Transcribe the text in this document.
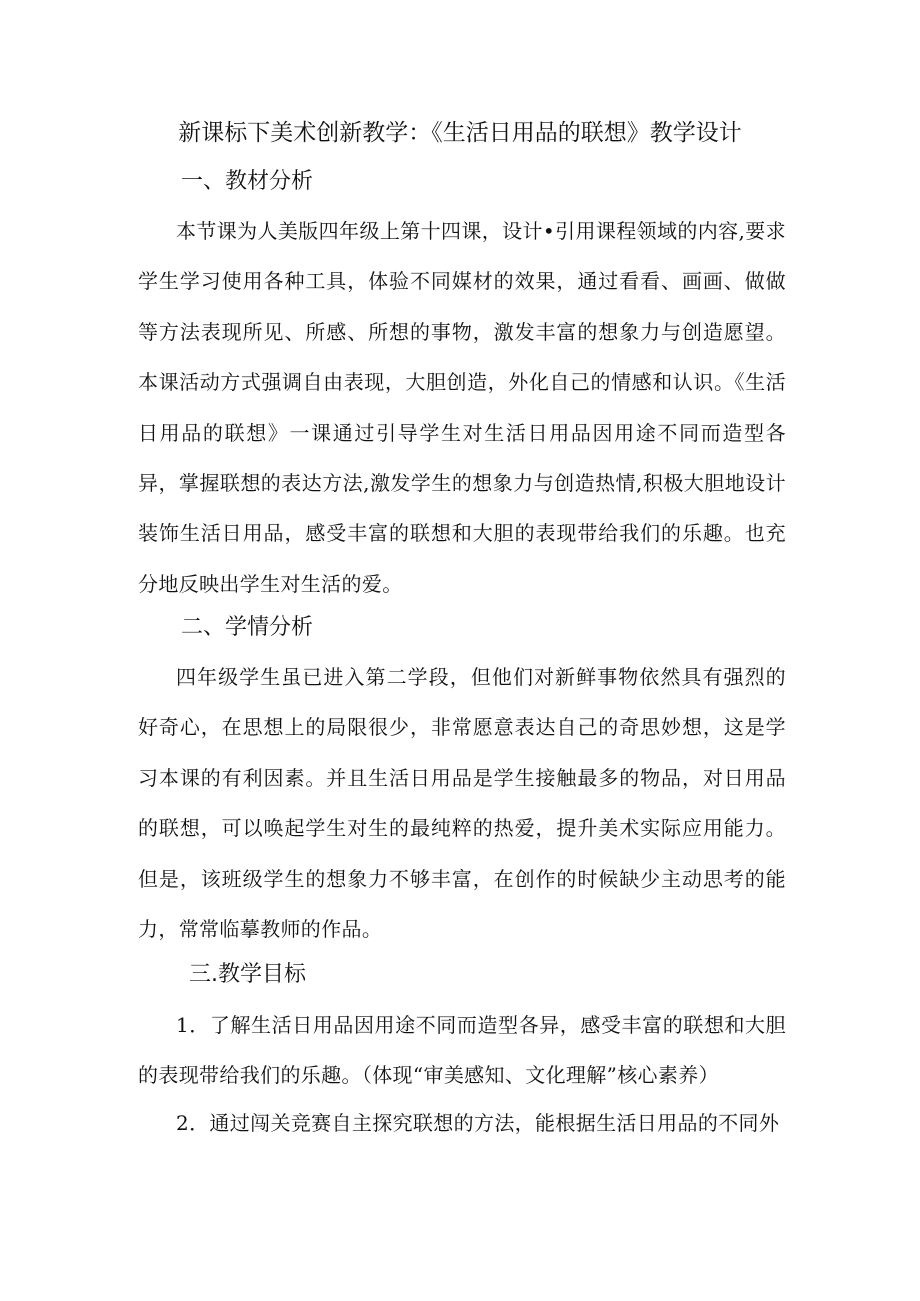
新课标下美术创新教学：《生活日用品的联想》教学设计
一、教材分析

本节课为人美版四年级上第十四课，设计•引用课程领域的内容,要求学生学习使用各种工具，体验不同媒材的效果，通过看看、画画、做做等方法表现所见、所感、所想的事物，激发丰富的想象力与创造愿望。本课活动方式强调自由表现，大胆创造，外化自己的情感和认识。《生活日用品的联想》一课通过引导学生对生活日用品因用途不同而造型各异，掌握联想的表达方法,激发学生的想象力与创造热情,积极大胆地设计装饰生活日用品，感受丰富的联想和大胆的表现带给我们的乐趣。也充分地反映出学生对生活的爱。

二、学情分析

四年级学生虽已进入第二学段，但他们对新鲜事物依然具有强烈的好奇心，在思想上的局限很少，非常愿意表达自己的奇思妙想，这是学习本课的有利因素。并且生活日用品是学生接触最多的物品，对日用品的联想，可以唤起学生对生的最纯粹的热爱，提升美术实际应用能力。但是，该班级学生的想象力不够丰富，在创作的时候缺少主动思考的能力，常常临摹教师的作品。

三.教学目标

1．了解生活日用品因用途不同而造型各异，感受丰富的联想和大胆的表现带给我们的乐趣。（体现“审美感知、文化理解”核心素养）

2．通过闯关竞赛自主探究联想的方法，能根据生活日用品的不同外
